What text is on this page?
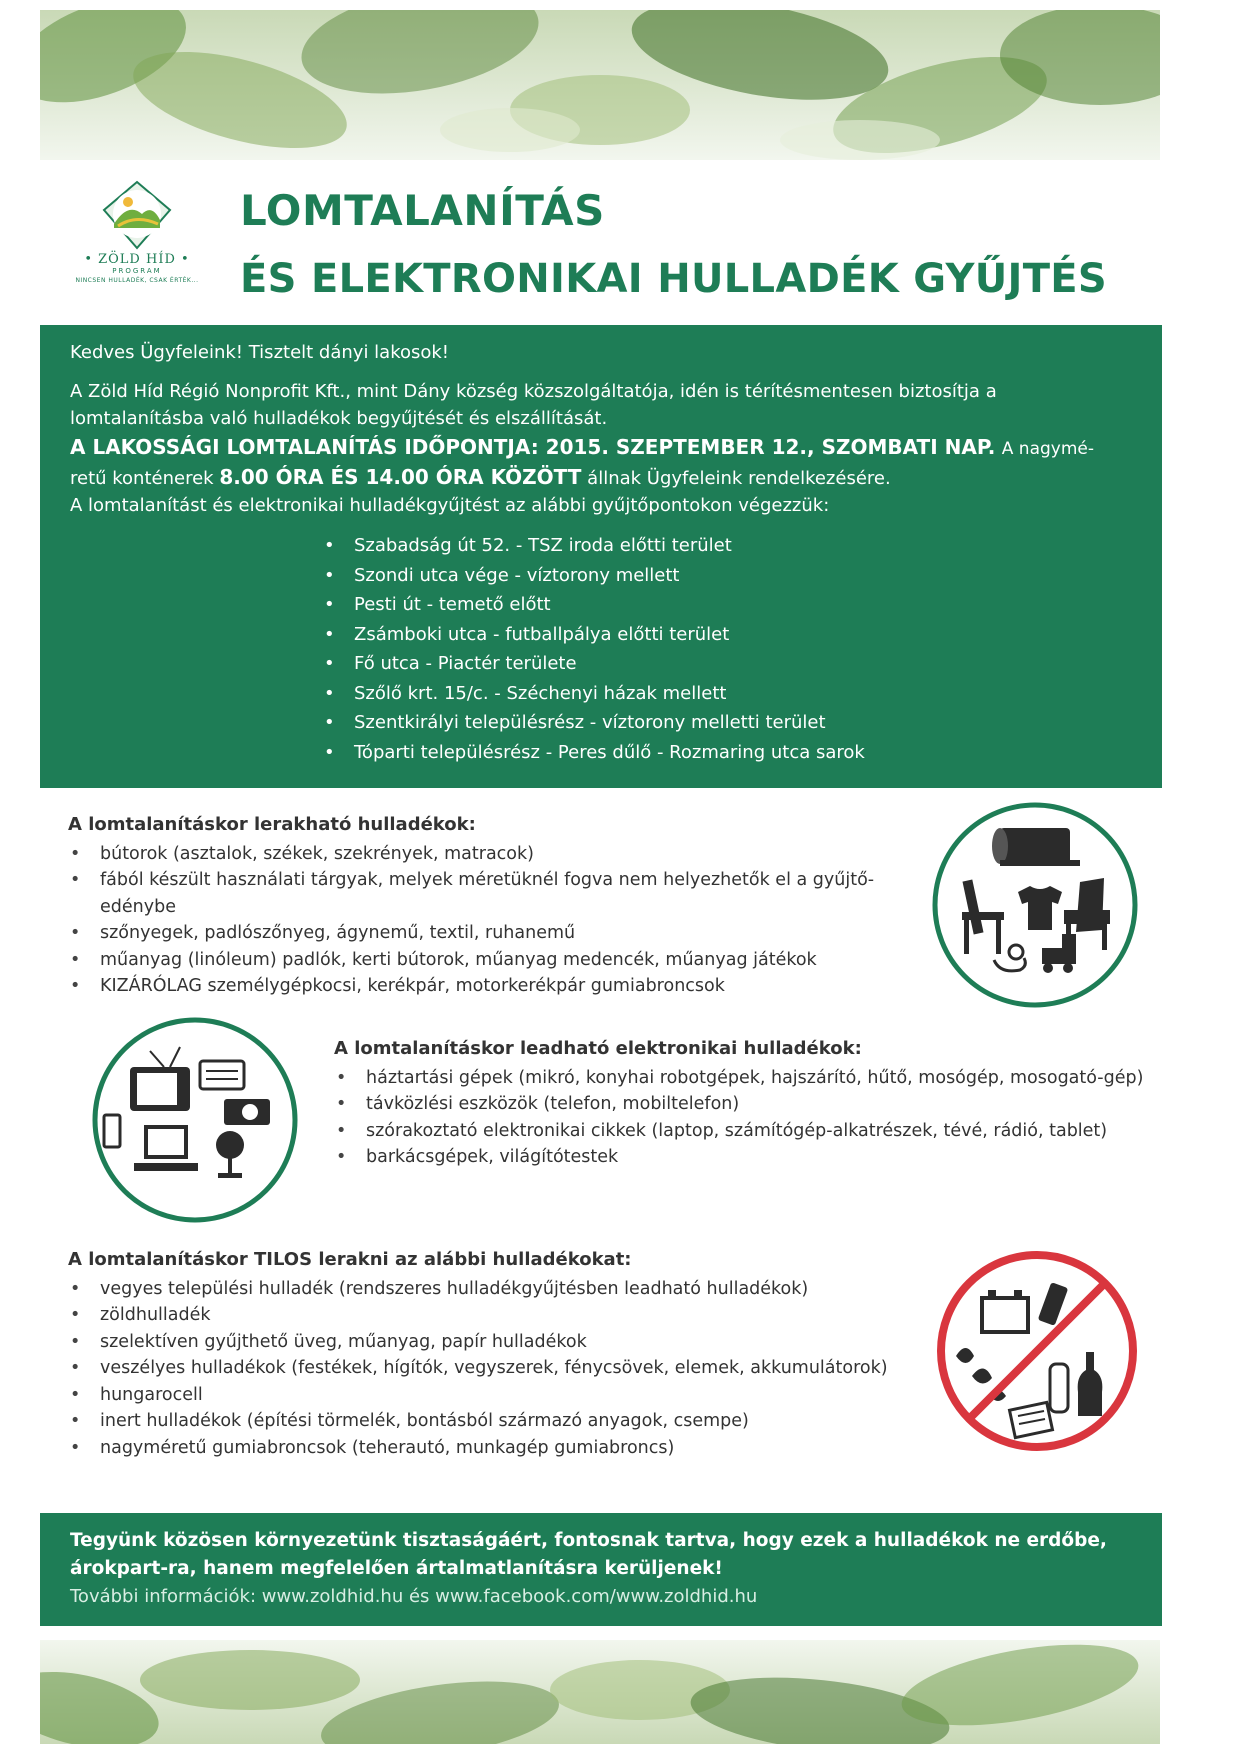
• ZÖLD HÍD •
PROGRAM
NINCSEN HULLADÉK, CSAK ÉRTÉK...
LOMTALANÍTÁS
ÉS ELEKTRONIKAI HULLADÉK GYŰJTÉS

Kedves Ügyfeleink! Tisztelt dányi lakosok!

A Zöld Híd Régió Nonprofit Kft., mint Dány község közszolgáltatója, idén is térítésmentesen biztosítja a lomtalanításba való hulladékok begyűjtését és elszállítását.

A LAKOSSÁGI LOMTALANÍTÁS IDŐPONTJA: 2015. SZEPTEMBER 12., SZOMBATI NAP. A nagymé-

retű konténerek 8.00 ÓRA ÉS 14.00 ÓRA KÖZÖTT állnak Ügyfeleink rendelkezésére.

A lomtalanítást és elektronikai hulladékgyűjtést az alábbi gyűjtőpontokon végezzük:

• Szabadság út 52. - TSZ iroda előtti terület
• Szondi utca vége - víztorony mellett
• Pesti út - temető előtt
• Zsámboki utca - futballpálya előtti terület
• Fő utca - Piactér területe
• Szőlő krt. 15/c. - Széchenyi házak mellett
• Szentkirályi településrész - víztorony melletti terület
• Tóparti településrész - Peres dűlő - Rozmaring utca sarok
A lomtalanításkor lerakható hulladékok:
• bútorok (asztalok, székek, szekrények, matracok)
• fából készült használati tárgyak, melyek méretüknél fogva nem helyezhetők el a gyűjtő-edénybe
• szőnyegek, padlószőnyeg, ágynemű, textil, ruhanemű
• műanyag (linóleum) padlók, kerti bútorok, műanyag medencék, műanyag játékok
• KIZÁRÓLAG személygépkocsi, kerékpár, motorkerékpár gumiabroncsok
A lomtalanításkor leadható elektronikai hulladékok:
• háztartási gépek (mikró, konyhai robotgépek, hajszárító, hűtő, mosógép, mosogató-gép)
• távközlési eszközök (telefon, mobiltelefon)
• szórakoztató elektronikai cikkek (laptop, számítógép-alkatrészek, tévé, rádió, tablet)
• barkácsgépek, világítótestek
A lomtalanításkor TILOS lerakni az alábbi hulladékokat:
• vegyes települési hulladék (rendszeres hulladékgyűjtésben leadható hulladékok)
• zöldhulladék
• szelektíven gyűjthető üveg, műanyag, papír hulladékok
• veszélyes hulladékok (festékek, hígítók, vegyszerek, fénycsövek, elemek, akkumulátorok)
• hungarocell
• inert hulladékok (építési törmelék, bontásból származó anyagok, csempe)
• nagyméretű gumiabroncsok (teherautó, munkagép gumiabroncs)

Tegyünk közösen környezetünk tisztaságáért, fontosnak tartva, hogy ezek a hulladékok ne erdőbe, árokpart-ra, hanem megfelelően ártalmatlanításra kerüljenek!

További információk: www.zoldhid.hu és www.facebook.com/www.zoldhid.hu
